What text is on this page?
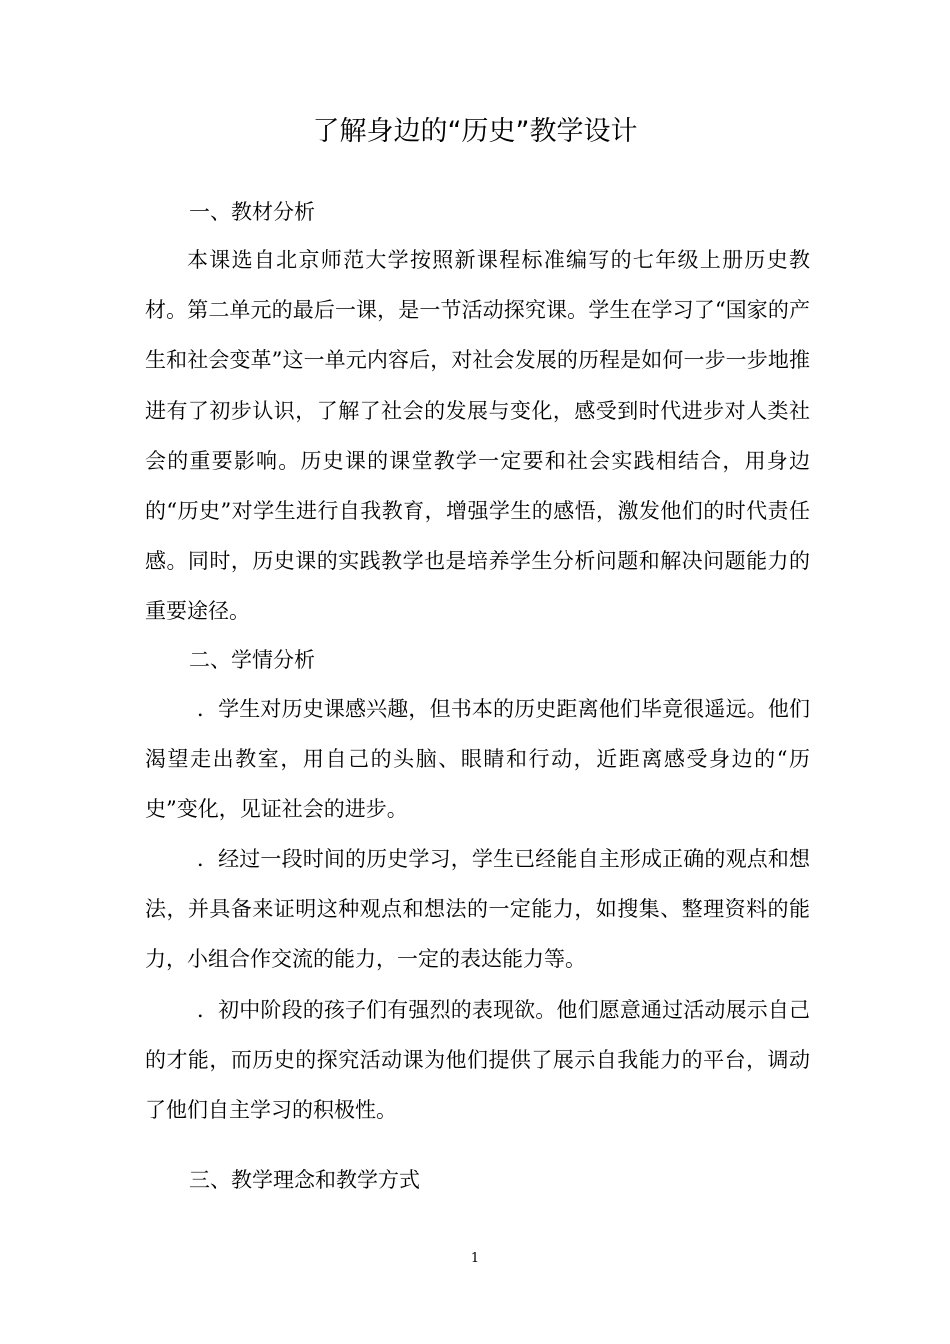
了解身边的“历史”教学设计
一、教材分析
本课选自北京师范大学按照新课程标准编写的七年级上册历史教材。第二单元的最后一课，是一节活动探究课。学生在学习了“国家的产生和社会变革”这一单元内容后，对社会发展的历程是如何一步一步地推进有了初步认识，了解了社会的发展与变化，感受到时代进步对人类社会的重要影响。历史课的课堂教学一定要和社会实践相结合，用身边的“历史”对学生进行自我教育，增强学生的感悟，激发他们的时代责任感。同时，历史课的实践教学也是培养学生分析问题和解决问题能力的重要途径。
二、学情分析
．学生对历史课感兴趣，但书本的历史距离他们毕竟很遥远。他们渴望走出教室，用自己的头脑、眼睛和行动，近距离感受身边的“历史”变化，见证社会的进步。
．经过一段时间的历史学习，学生已经能自主形成正确的观点和想法，并具备来证明这种观点和想法的一定能力，如搜集、整理资料的能力，小组合作交流的能力，一定的表达能力等。
．初中阶段的孩子们有强烈的表现欲。他们愿意通过活动展示自己的才能，而历史的探究活动课为他们提供了展示自我能力的平台，调动了他们自主学习的积极性。
三、教学理念和教学方式
1
